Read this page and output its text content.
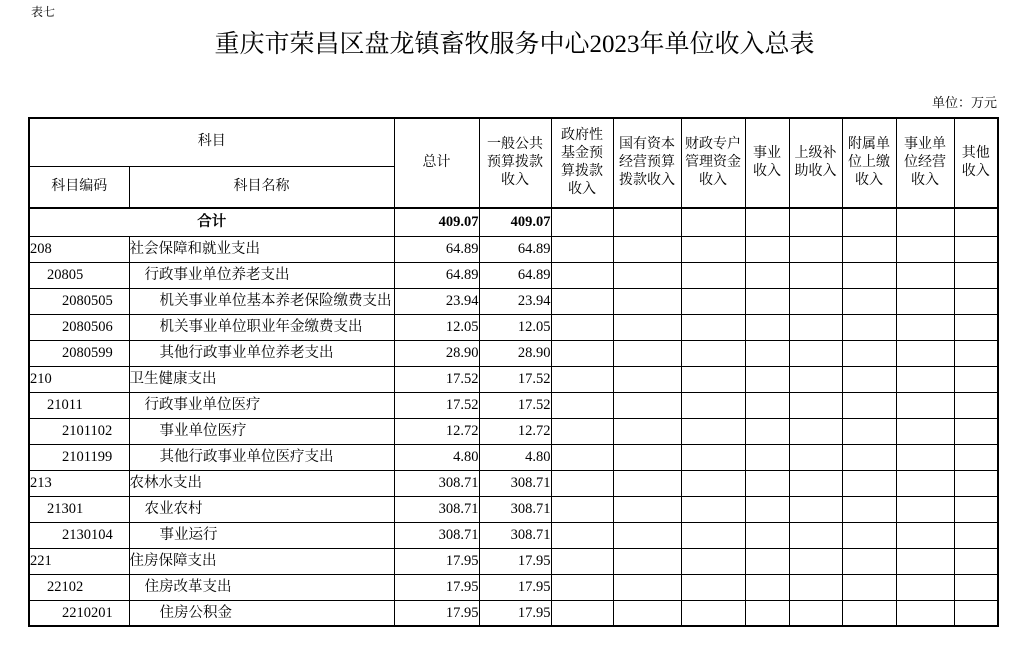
表七
重庆市荣昌区盘龙镇畜牧服务中心2023年单位收入总表
单位：万元
科目		总计	一般公共
预算拨款
收入	政府性
基金预
算拨款
收入	国有资本
经营预算
拨款收入	财政专户
管理资金
收入	事业
收入	上级补
助收入	附属单
位上缴
收入	事业单
位经营
收入	其他
收入
科目编码	科目名称										
合计		409.07	409.07								
208	社会保障和就业支出	64.89	64.89								
20805	行政事业单位养老支出	64.89	64.89								
2080505	机关事业单位基本养老保险缴费支出	23.94	23.94								
2080506	机关事业单位职业年金缴费支出	12.05	12.05								
2080599	其他行政事业单位养老支出	28.90	28.90								
210	卫生健康支出	17.52	17.52								
21011	行政事业单位医疗	17.52	17.52								
2101102	事业单位医疗	12.72	12.72								
2101199	其他行政事业单位医疗支出	4.80	4.80								
213	农林水支出	308.71	308.71								
21301	农业农村	308.71	308.71								
2130104	事业运行	308.71	308.71								
221	住房保障支出	17.95	17.95								
22102	住房改革支出	17.95	17.95								
2210201	住房公积金	17.95	17.95								
